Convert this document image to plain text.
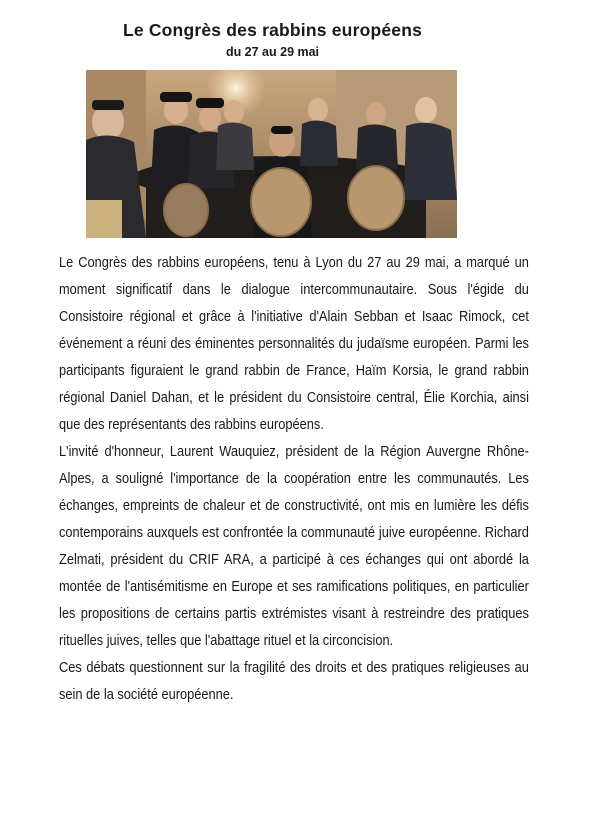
Le Congrès des rabbins européens
du 27 au 29 mai

Le Congrès des rabbins européens, tenu à Lyon du 27 au 29 mai, a marqué un moment significatif dans le dialogue intercommunautaire. Sous l'égide du Consistoire régional et grâce à l'initiative d'Alain Sebban et Isaac Rimock, cet événement a réuni des éminentes personnalités du judaïsme européen. Parmi les participants figuraient le grand rabbin de France, Haïm Korsia, le grand rabbin régional Daniel Dahan, et le président du Consistoire central, Élie Korchia, ainsi que des représentants des rabbins européens.

L'invité d'honneur, Laurent Wauquiez, président de la Région Auvergne Rhône-Alpes, a souligné l'importance de la coopération entre les communautés. Les échanges, empreints de chaleur et de constructivité, ont mis en lumière les défis contemporains auxquels est confrontée la communauté juive européenne. Richard Zelmati, président du CRIF ARA, a participé à ces échanges qui ont abordé la montée de l'antisémitisme en Europe et ses ramifications politiques, en particulier les propositions de certains partis extrémistes visant à restreindre des pratiques rituelles juives, telles que l'abattage rituel et la circoncision.

Ces débats questionnent sur la fragilité des droits et des pratiques religieuses au sein de la société européenne.
